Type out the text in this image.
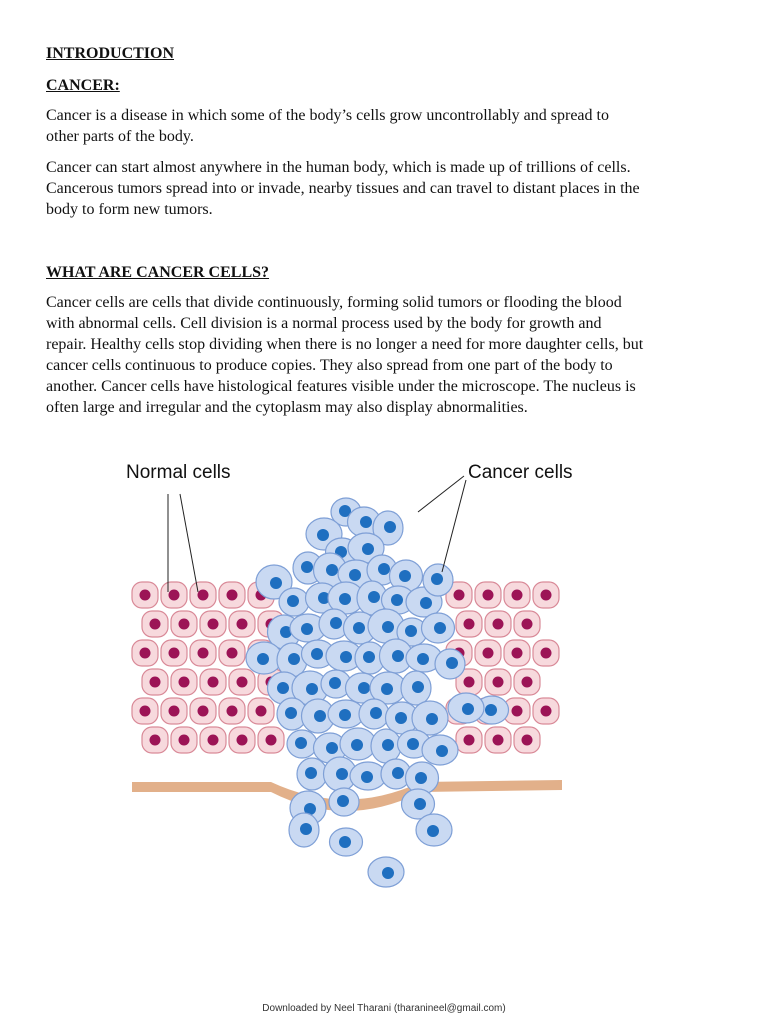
INTRODUCTION

CANCER:

Cancer is a disease in which some of the body’s cells grow uncontrollably and spread to
other parts of the body.

Cancer can start almost anywhere in the human body, which is made up of trillions of cells.
Cancerous tumors spread into or invade, nearby tissues and can travel to distant places in the
body to form new tumors.

WHAT ARE CANCER CELLS?

Cancer cells are cells that divide continuously, forming solid tumors or flooding the blood
with abnormal cells. Cell division is a normal process used by the body for growth and
repair. Healthy cells stop dividing when there is no longer a need for more daughter cells, but
cancer cells continuous to produce copies. They also spread from one part of the body to
another. Cancer cells have histological features visible under the microscope. The nucleus is
often large and irregular and the cytoplasm may also display abnormalities.

Normal cells	Cancer cells
Downloaded by Neel Tharani (tharanineel@gmail.com)
